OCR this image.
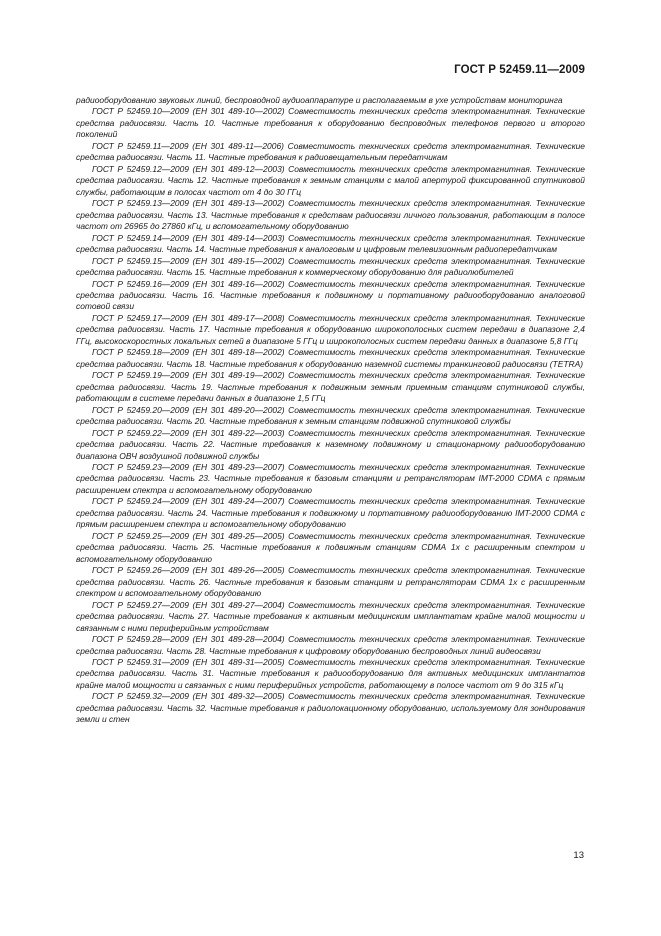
ГОСТ Р 52459.11—2009

радиооборудованию звуковых линий, беспроводной аудиоаппаратуре и располагаемым в ухе устройствам мониторинга

ГОСТ Р 52459.10—2009 (ЕН 301 489-10—2002) Совместимость технических средств электромагнитная. Технические средства радиосвязи. Часть 10. Частные требования к оборудованию беспроводных телефонов первого и второго поколений

ГОСТ Р 52459.11—2009 (ЕН 301 489-11—2006) Совместимость технических средств электромагнитная. Технические средства радиосвязи. Часть 11. Частные требования к радиовещательным передатчикам

ГОСТ Р 52459.12—2009 (ЕН 301 489-12—2003) Совместимость технических средств электромагнитная. Технические средства радиосвязи. Часть 12. Частные требования к земным станциям с малой апертурой фиксированной спутниковой службы, работающим в полосах частот от 4 до 30 ГГц

ГОСТ Р 52459.13—2009 (ЕН 301 489-13—2002) Совместимость технических средств электромагнитная. Технические средства радиосвязи. Часть 13. Частные требования к средствам радиосвязи личного пользования, работающим в полосе частот от 26965 до 27860 кГц, и вспомогательному оборудованию

ГОСТ Р 52459.14—2009 (ЕН 301 489-14—2003) Совместимость технических средств электромагнитная. Технические средства радиосвязи. Часть 14. Частные требования к аналоговым и цифровым телевизионным радиопередатчикам

ГОСТ Р 52459.15—2009 (ЕН 301 489-15—2002) Совместимость технических средств электромагнитная. Технические средства радиосвязи. Часть 15. Частные требования к коммерческому оборудованию для радиолюбителей

ГОСТ Р 52459.16—2009 (ЕН 301 489-16—2002) Совместимость технических средств электромагнитная. Технические средства радиосвязи. Часть 16. Частные требования к подвижному и портативному радиооборудованию аналоговой сотовой связи

ГОСТ Р 52459.17—2009 (ЕН 301 489-17—2008) Совместимость технических средств электромагнитная. Технические средства радиосвязи. Часть 17. Частные требования к оборудованию широкополосных систем передачи в диапазоне 2,4 ГГц, высокоскоростных локальных сетей в диапазоне 5 ГГц и широкополосных систем передачи данных в диапазоне 5,8 ГГц

ГОСТ Р 52459.18—2009 (ЕН 301 489-18—2002) Совместимость технических средств электромагнитная. Технические средства радиосвязи. Часть 18. Частные требования к оборудованию наземной системы транкинговой радиосвязи (TETRA)

ГОСТ Р 52459.19—2009 (ЕН 301 489-19—2002) Совместимость технических средств электромагнитная. Технические средства радиосвязи. Часть 19. Частные требования к подвижным земным приемным станциям спутниковой службы, работающим в системе передачи данных в диапазоне 1,5 ГГц

ГОСТ Р 52459.20—2009 (ЕН 301 489-20—2002) Совместимость технических средств электромагнитная. Технические средства радиосвязи. Часть 20. Частные требования к земным станциям подвижной спутниковой службы

ГОСТ Р 52459.22—2009 (ЕН 301 489-22—2003) Совместимость технических средств электромагнитная. Технические средства радиосвязи. Часть 22. Частные требования к наземному подвижному и стационарному радиооборудованию диапазона ОВЧ воздушной подвижной службы

ГОСТ Р 52459.23—2009 (ЕН 301 489-23—2007) Совместимость технических средств электромагнитная. Технические средства радиосвязи. Часть 23. Частные требования к базовым станциям и ретрансляторам IMT-2000 CDMA с прямым расширением спектра и вспомогательному оборудованию

ГОСТ Р 52459.24—2009 (ЕН 301 489-24—2007) Совместимость технических средств электромагнитная. Технические средства радиосвязи. Часть 24. Частные требования к подвижному и портативному радиооборудованию IMT-2000 CDMA с прямым расширением спектра и вспомогательному оборудованию

ГОСТ Р 52459.25—2009 (ЕН 301 489-25—2005) Совместимость технических средств электромагнитная. Технические средства радиосвязи. Часть 25. Частные требования к подвижным станциям CDMA 1x с расширенным спектром и вспомогательному оборудованию

ГОСТ Р 52459.26—2009 (ЕН 301 489-26—2005) Совместимость технических средств электромагнитная. Технические средства радиосвязи. Часть 26. Частные требования к базовым станциям и ретрансляторам CDMA 1x с расширенным спектром и вспомогательному оборудованию

ГОСТ Р 52459.27—2009 (ЕН 301 489-27—2004) Совместимость технических средств электромагнитная. Технические средства радиосвязи. Часть 27. Частные требования к активным медицинским имплантатам крайне малой мощности и связанным с ними периферийным устройствам

ГОСТ Р 52459.28—2009 (ЕН 301 489-28—2004) Совместимость технических средств электромагнитная. Технические средства радиосвязи. Часть 28. Частные требования к цифровому оборудованию беспроводных линий видеосвязи

ГОСТ Р 52459.31—2009 (ЕН 301 489-31—2005) Совместимость технических средств электромагнитная. Технические средства радиосвязи. Часть 31. Частные требования к радиооборудованию для активных медицинских имплантатов крайне малой мощности и связанных с ними периферийных устройств, работающему в полосе частот от 9 до 315 кГц

ГОСТ Р 52459.32—2009 (ЕН 301 489-32—2005) Совместимость технических средств электромагнитная. Технические средства радиосвязи. Часть 32. Частные требования к радиолокационному оборудованию, используемому для зондирования земли и стен

13
